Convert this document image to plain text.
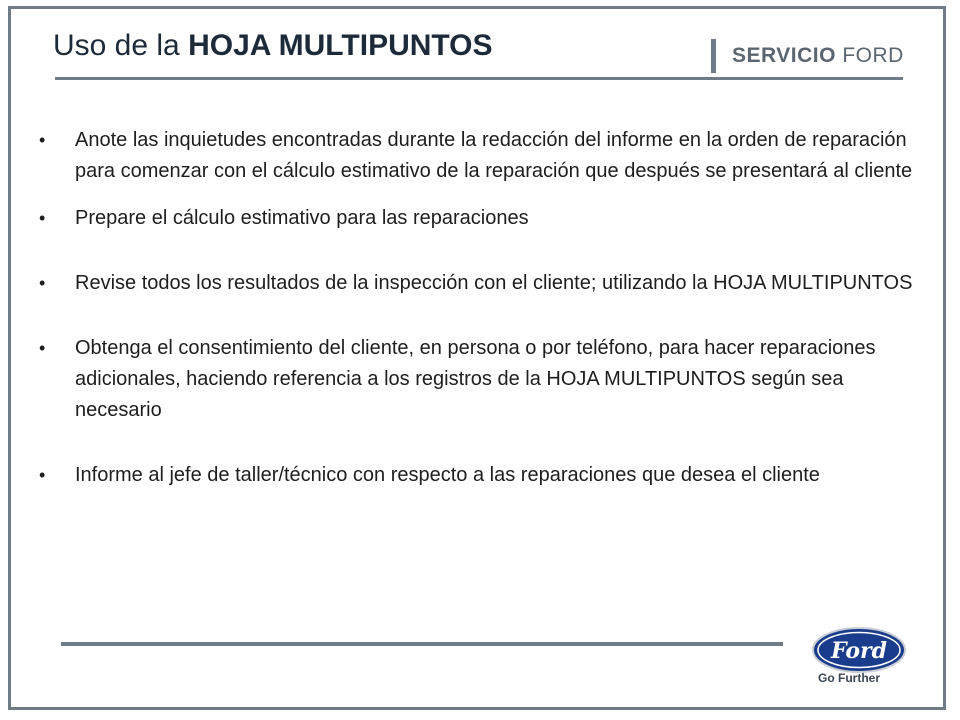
Uso de la HOJA MULTIPUNTOS	SERVICIO FORD
• Anote las inquietudes encontradas durante la redacción del informe en la orden de reparación para comenzar con el cálculo estimativo de la reparación que después se presentará al cliente
• Prepare el cálculo estimativo para las reparaciones
• Revise todos los resultados de la inspección con el cliente; utilizando la HOJA MULTIPUNTOS
• Obtenga el consentimiento del cliente, en persona o por teléfono, para hacer reparaciones adicionales, haciendo referencia a los registros de la HOJA MULTIPUNTOS según sea necesario
• Informe al jefe de taller/técnico con respecto a las reparaciones que desea el cliente
Ford
Go Further
